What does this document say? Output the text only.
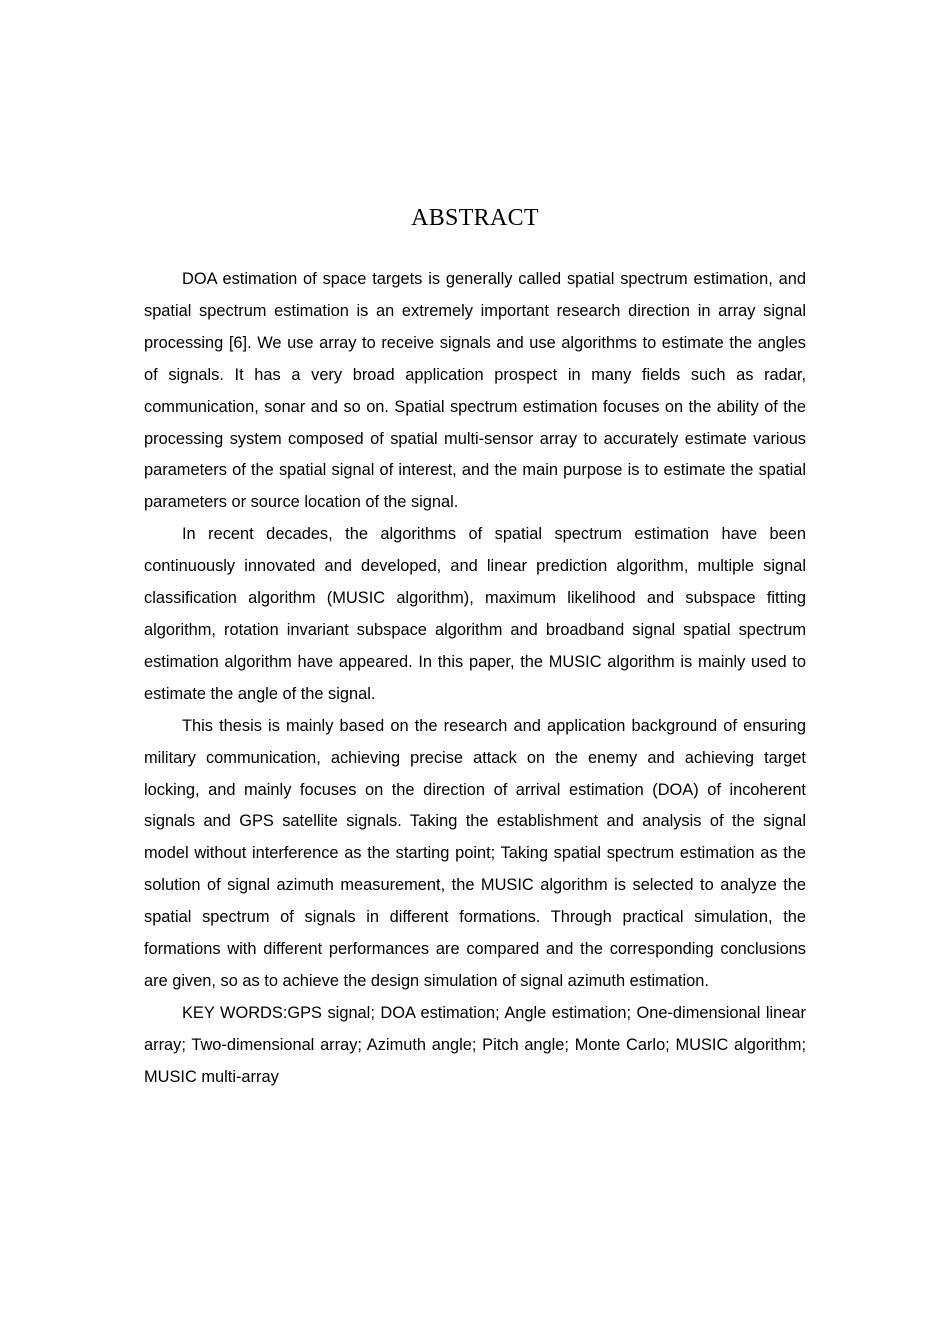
ABSTRACT

DOA estimation of space targets is generally called spatial spectrum estimation, and spatial spectrum estimation is an extremely important research direction in array signal processing [6]. We use array to receive signals and use algorithms to estimate the angles of signals. It has a very broad application prospect in many fields such as radar, communication, sonar and so on. Spatial spectrum estimation focuses on the ability of the processing system composed of spatial multi-sensor array to accurately estimate various parameters of the spatial signal of interest, and the main purpose is to estimate the spatial parameters or source location of the signal.

In recent decades, the algorithms of spatial spectrum estimation have been continuously innovated and developed, and linear prediction algorithm, multiple signal classification algorithm (MUSIC algorithm), maximum likelihood and subspace fitting algorithm, rotation invariant subspace algorithm and broadband signal spatial spectrum estimation algorithm have appeared. In this paper, the MUSIC algorithm is mainly used to estimate the angle of the signal.

This thesis is mainly based on the research and application background of ensuring military communication, achieving precise attack on the enemy and achieving target locking, and mainly focuses on the direction of arrival estimation (DOA) of incoherent signals and GPS satellite signals. Taking the establishment and analysis of the signal model without interference as the starting point; Taking spatial spectrum estimation as the solution of signal azimuth measurement, the MUSIC algorithm is selected to analyze the spatial spectrum of signals in different formations. Through practical simulation, the formations with different performances are compared and the corresponding conclusions are given, so as to achieve the design simulation of signal azimuth estimation.

KEY WORDS:GPS signal; DOA estimation; Angle estimation; One-dimensional linear array; Two-dimensional array; Azimuth angle; Pitch angle; Monte Carlo; MUSIC algorithm; MUSIC multi-array
